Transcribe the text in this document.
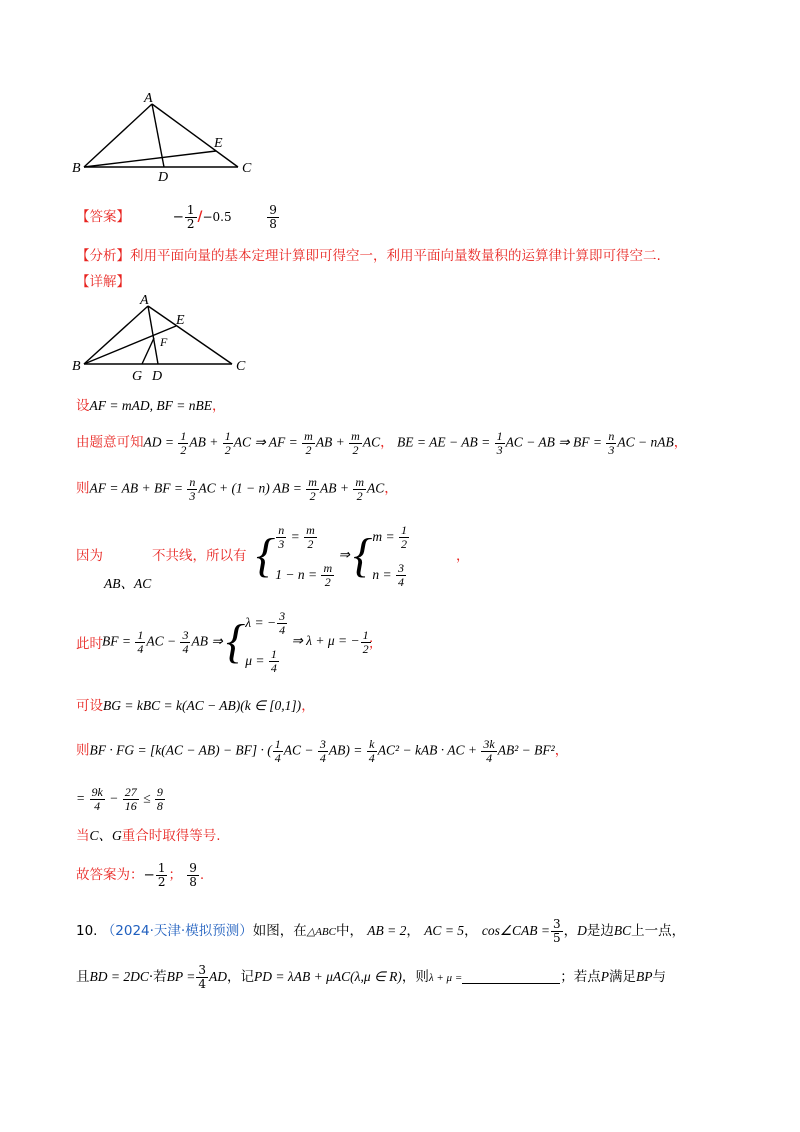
A
B	C
D
E
【答案】	− $\frac{1}{2} /-0.5$	$\frac{9}{8}$
【分析】利用平面向量的基本定理计算即可得空一，利用平面向量数量积的运算律计算即可得空二.
【详解】
A
B	C
D
E
F
G
设AF = mAD, BF = nBE，
由题意可知AD = $\frac{1}{2}$ AB + $\frac{1}{2}$ AC ⇒ AF = $\frac{m}{2}$ AB + $\frac{m}{2}$ AC， BE = AE − AB = $\frac{1}{3}$ AC − AB ⇒ BF = $\frac{n}{3}$ AC − nAB，
则AF = AB + BF = $\frac{n}{3}$ AC + (1 − n) AB = $\frac{m}{2}$ AB + $\frac{m}{2}$ AC，
因为	不共线，所以有
AB、AC
{ $\frac{n}{3} = \frac{m}{2}$
$1 - n = \frac{m}{2}$
⇒ { $m = \frac{1}{2}$
$n = \frac{3}{4}$
，
此时 BF = $\frac{1}{4}$ AC − $\frac{3}{4}$ AB ⇒ { λ = − $\frac{3}{4}$
$\mu = \frac{1}{4}$
⇒ λ + μ = − $\frac{1}{2}$
；
可设BG = kBC = k(AC − AB)(k ∈ [0,1])，
则BF · FG = [k(AC − AB) − BF] · ( $\frac{1}{4}$ AC − $\frac{3}{4} AB) = \frac{k}{4} AC^2$ − kAB · AC + $\frac{3k}{4} AB^2 - BF^2$，
= $\frac{9k}{4} - \frac{27}{16} \le \frac{9}{8}$
当C、G重合时取得等号.
故答案为：− $\frac{1}{2}$ ； $\frac{9}{8}$ .
10. （2024·天津·模拟预测）如图，在△ABC中， AB = 2， AC = 5， cos∠CAB = $\frac{3}{5}$ ，D是边BC上一点，
且BD = 2DC·若BP = $\frac{3}{4}$ AD，记PD = λAB + μAC(λ,μ ∈ R)，则λ + μ =	；若点P满足BP与
